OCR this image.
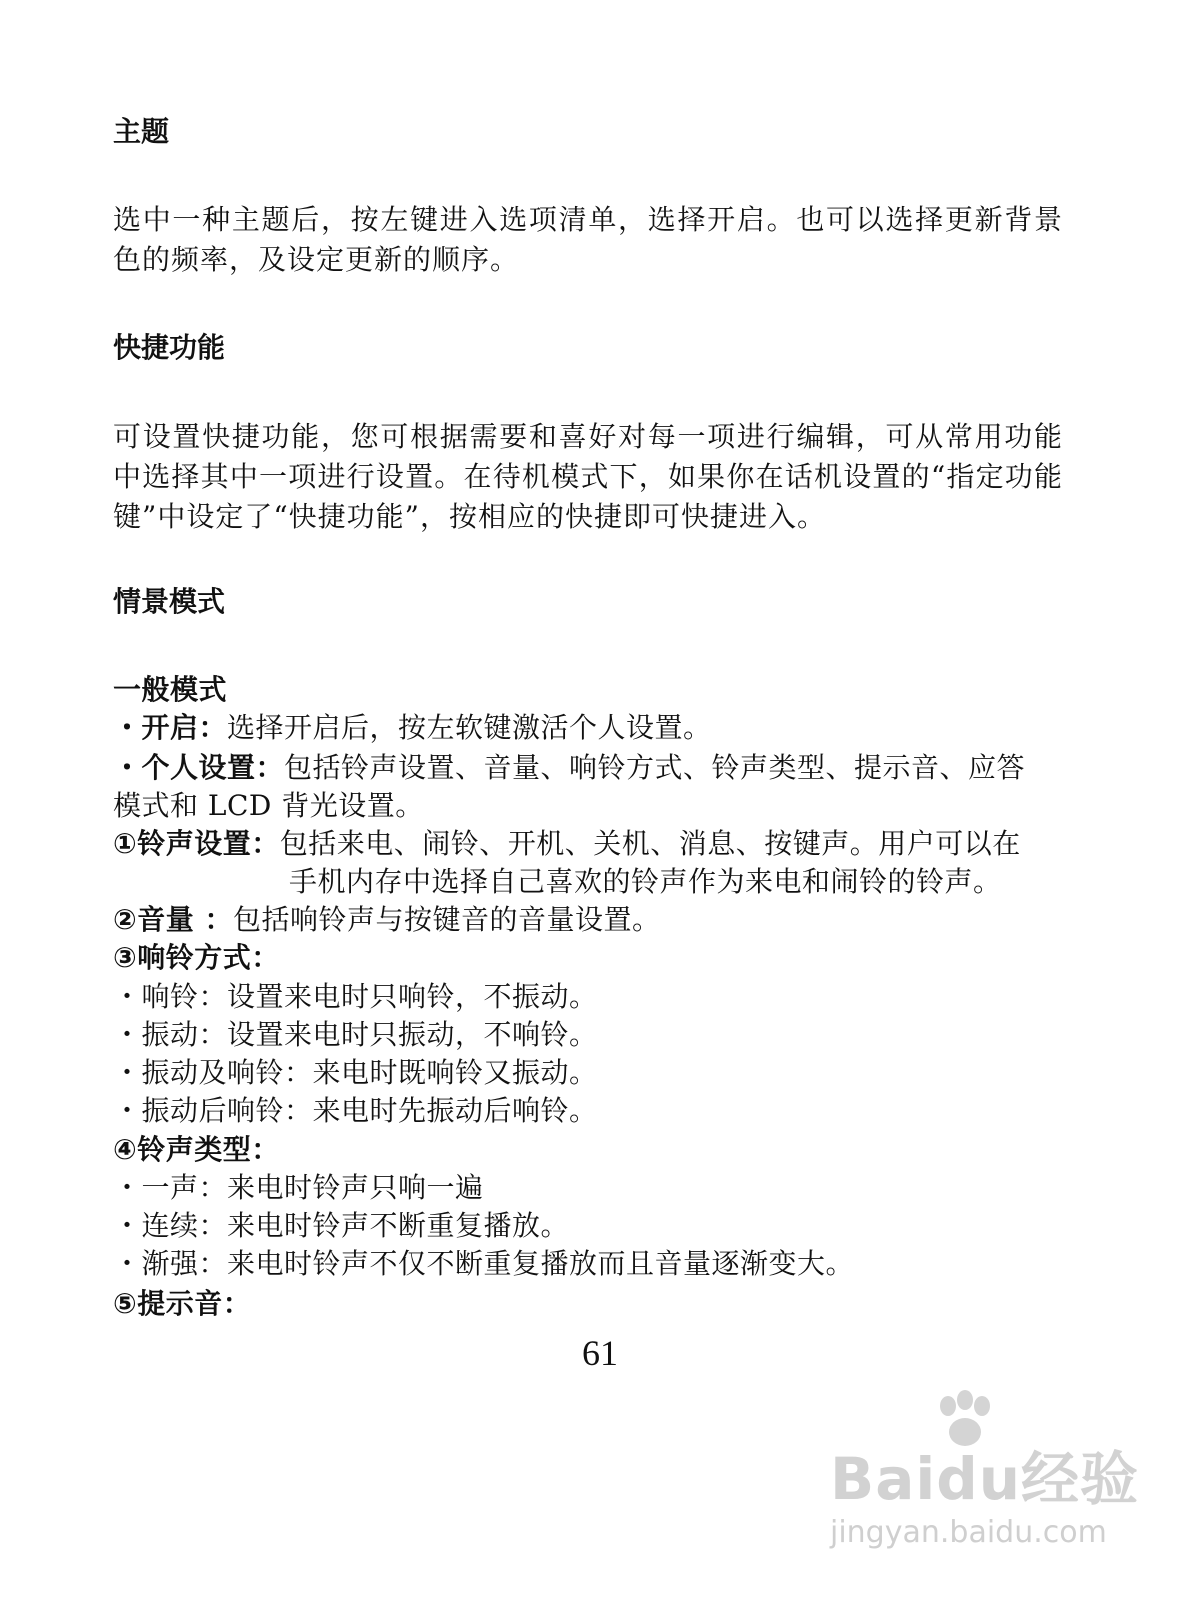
主题

选中一种主题后，按左键进入选项清单，选择开启。也可以选择更新背景色的频率，及设定更新的顺序。

快捷功能

可设置快捷功能，您可根据需要和喜好对每一项进行编辑，可从常用功能中选择其中一项进行设置。在待机模式下，如果你在话机设置的“指定功能键”中设定了“快捷功能”，按相应的快捷即可快捷进入。

情景模式
一般模式
・开启：选择开启后，按左软键激活个人设置。
・个人设置：包括铃声设置、音量、响铃方式、铃声类型、提示音、应答
模式和 LCD 背光设置。
①铃声设置：包括来电、闹铃、开机、关机、消息、按键声。用户可以在
手机内存中选择自己喜欢的铃声作为来电和闹铃的铃声。
②音量 ：包括响铃声与按键音的音量设置。
③响铃方式：
・响铃：设置来电时只响铃，不振动。
・振动：设置来电时只振动，不响铃。
・振动及响铃：来电时既响铃又振动。
・振动后响铃：来电时先振动后响铃。
④铃声类型：
・一声：来电时铃声只响一遍
・连续：来电时铃声不断重复播放。
・渐强：来电时铃声不仅不断重复播放而且音量逐渐变大。
⑤提示音：
61
Baidu经验
jingyan.baidu.com
